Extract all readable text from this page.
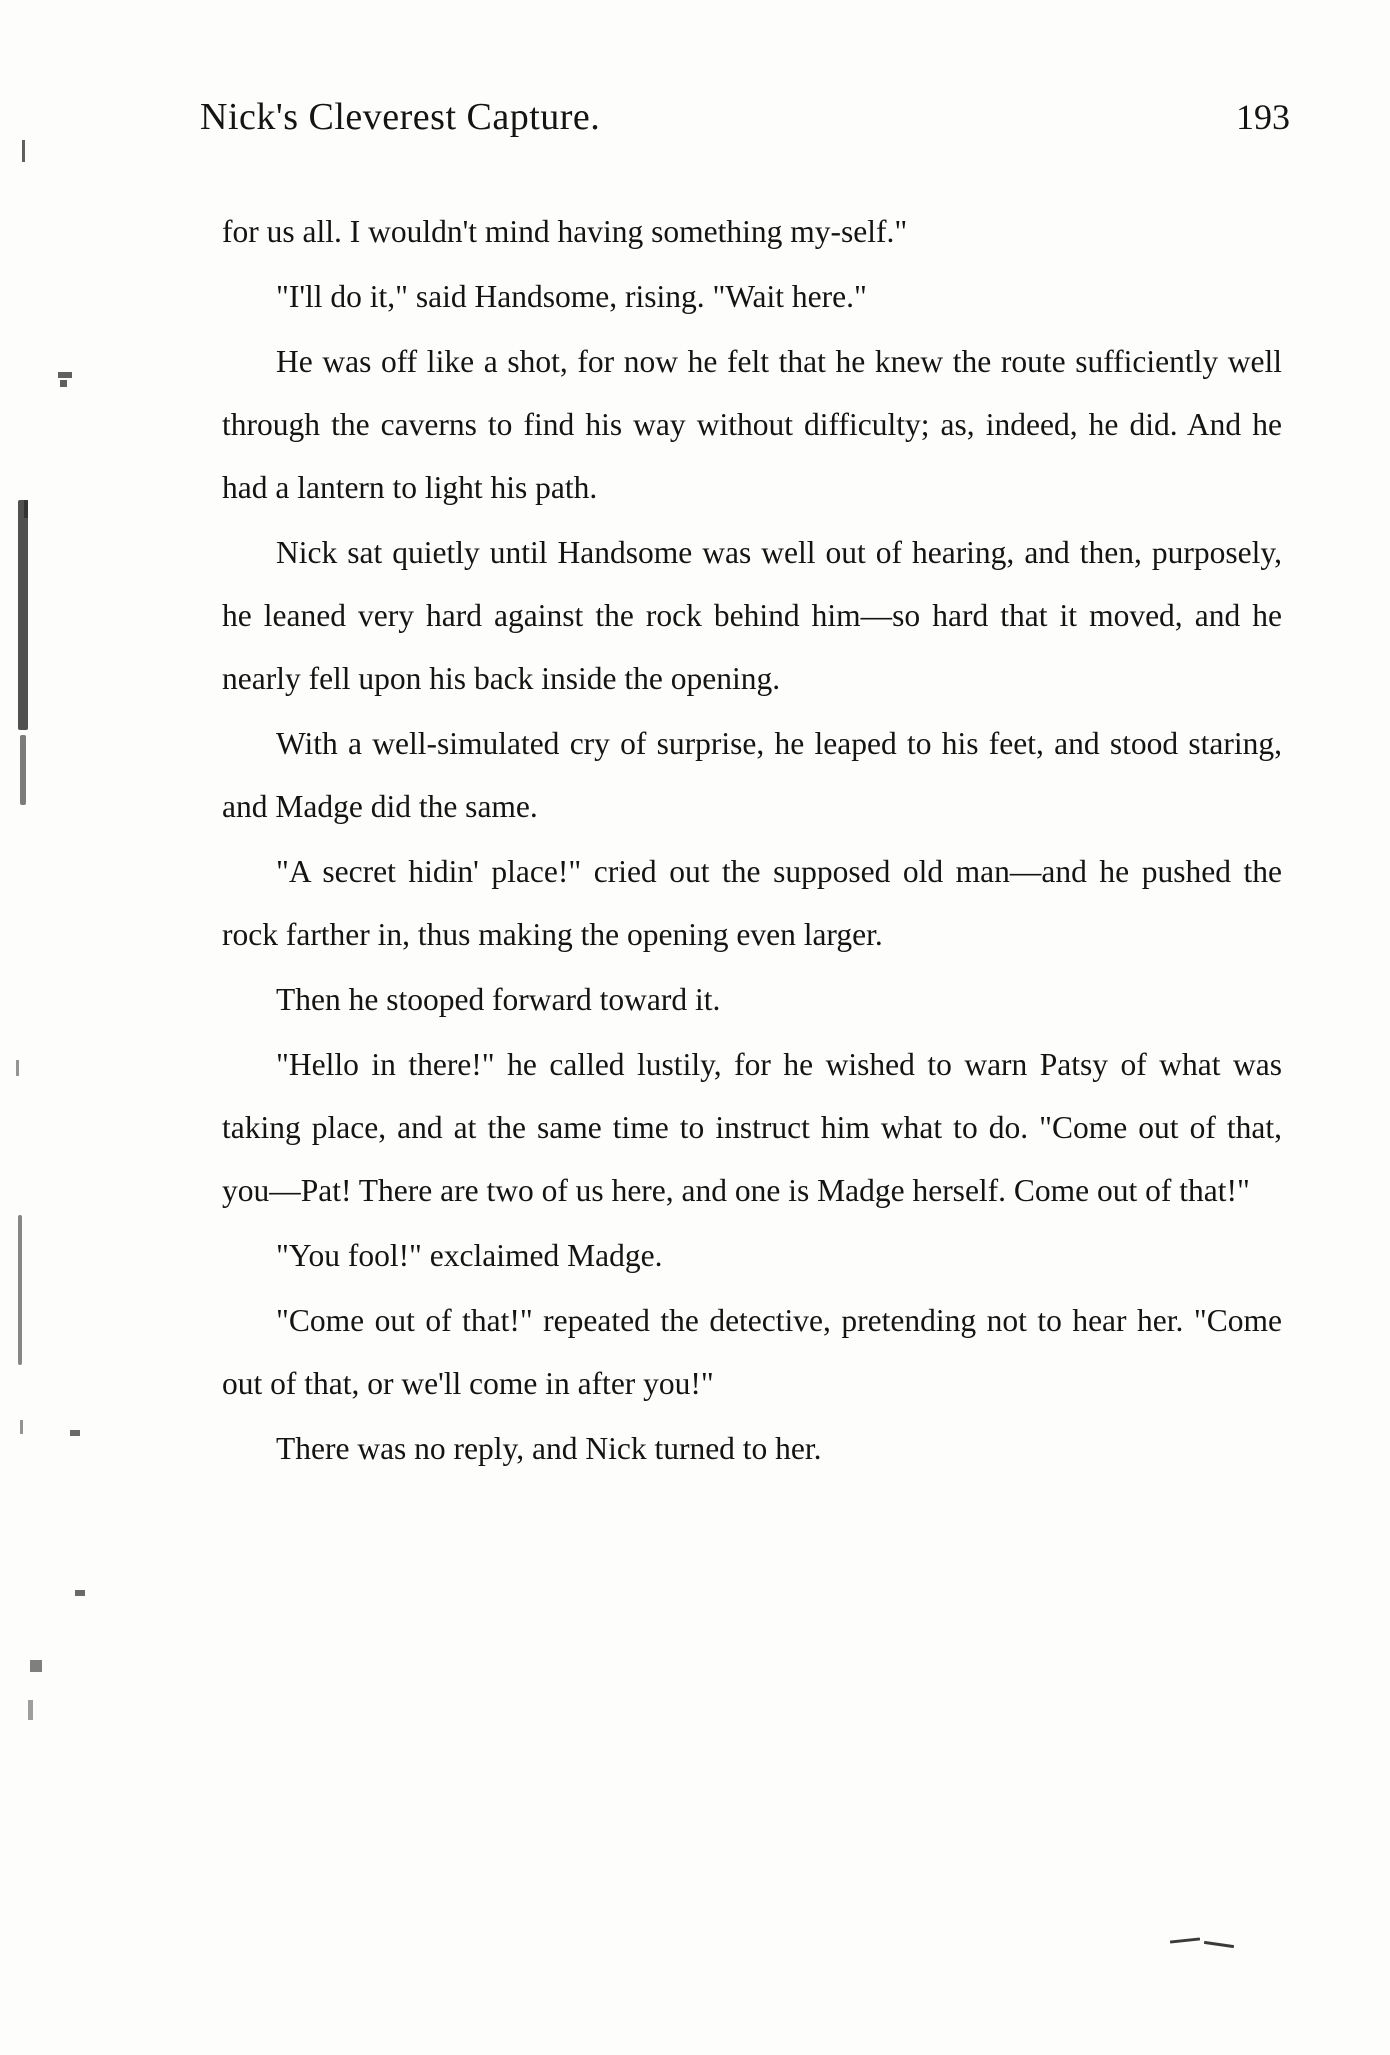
Nick's Cleverest Capture.	193

for us all. I wouldn't mind having something my-self."

"I'll do it," said Handsome, rising. "Wait here."

He was off like a shot, for now he felt that he knew the route sufficiently well through the caverns to find his way without difficulty; as, indeed, he did. And he had a lantern to light his path.

Nick sat quietly until Handsome was well out of hearing, and then, purposely, he leaned very hard against the rock behind him—so hard that it moved, and he nearly fell upon his back inside the opening.

With a well-simulated cry of surprise, he leaped to his feet, and stood staring, and Madge did the same.

"A secret hidin' place!" cried out the supposed old man—and he pushed the rock farther in, thus making the opening even larger.

Then he stooped forward toward it.

"Hello in there!" he called lustily, for he wished to warn Patsy of what was taking place, and at the same time to instruct him what to do. "Come out of that, you—Pat! There are two of us here, and one is Madge herself. Come out of that!"

"You fool!" exclaimed Madge.

"Come out of that!" repeated the detective, pretending not to hear her. "Come out of that, or we'll come in after you!"

There was no reply, and Nick turned to her.
